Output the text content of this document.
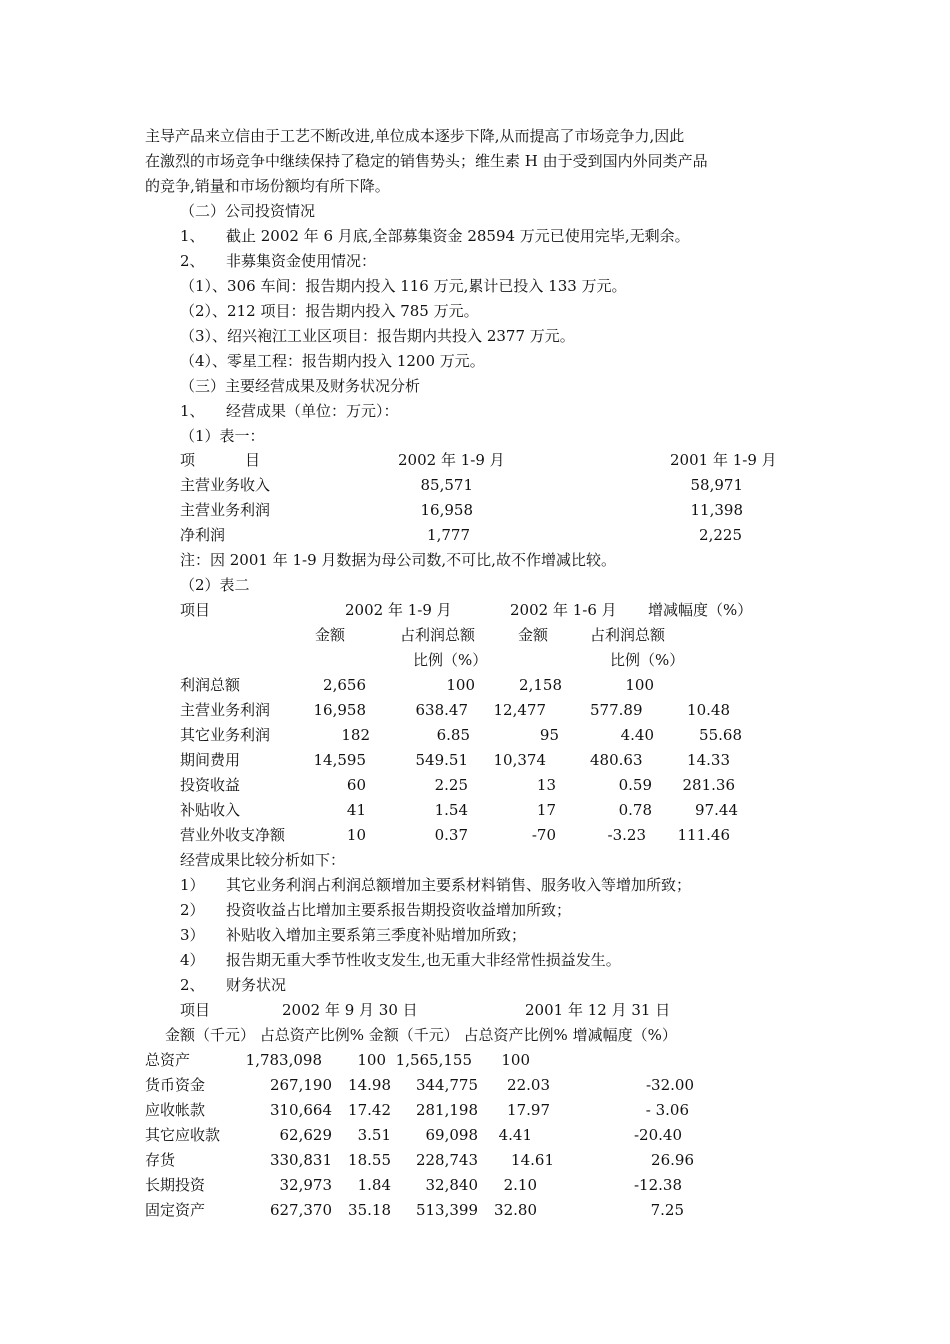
主导产品来立信由于工艺不断改进,单位成本逐步下降,从而提高了市场竞争力,因此
在激烈的市场竞争中继续保持了稳定的销售势头；维生素 H 由于受到国内外同类产品
的竞争,销量和市场份额均有所下降。
（二）公司投资情况
1、 截止 2002 年 6 月底,全部募集资金 28594 万元已使用完毕,无剩余。
2、 非募集资金使用情况：
（1）、306 车间：报告期内投入 116 万元,累计已投入 133 万元。
（2）、212 项目：报告期内投入 785 万元。
（3）、绍兴袍江工业区项目：报告期内共投入 2377 万元。
（4）、零星工程：报告期内投入 1200 万元。
（三）主要经营成果及财务状况分析
1、 经营成果（单位：万元）：
（1）表一：
项	目	2002 年 1-9 月	2001 年 1-9 月
主营业务收入	85,571	58,971
主营业务利润	16,958	11,398
净利润	1,777	2,225
注：因 2001 年 1-9 月数据为母公司数,不可比,故不作增减比较。
（2）表二
项目	2002 年 1-9 月	2002 年 1-6 月 增减幅度（%）
金额	占利润总额	金额	占利润总额
比例（%）	比例（%）
利润总额	2,656	100	2,158	100
主营业务利润	16,958	638.47 12,477	577.89	10.48
其它业务利润	182	6.85	95	4.40	55.68
期间费用	14,595	549.51 10,374	480.63	14.33
投资收益	60	2.25	13	0.59	281.36
补贴收入	41	1.54	17	0.78	97.44
营业外收支净额	10	0.37	-70	-3.23	111.46
经营成果比较分析如下：
1） 其它业务利润占利润总额增加主要系材料销售、服务收入等增加所致；
2） 投资收益占比增加主要系报告期投资收益增加所致；
3） 补贴收入增加主要系第三季度补贴增加所致；
4） 报告期无重大季节性收支发生,也无重大非经常性损益发生。
2、 财务状况
项目	2002 年 9 月 30 日	2001 年 12 月 31 日
金额（千元） 占总资产比例% 金额（千元） 占总资产比例% 增减幅度（%）
总资产	1,783,098	100 1,565,155	100
货币资金	267,190	14.98	344,775	22.03	-32.00
应收帐款	310,664	17.42	281,198	17.97	- 3.06
其它应收款	62,629	3.51	69,098	4.41	-20.40
存货	330,831	18.55	228,743	14.61	26.96
长期投资	32,973	1.84	32,840	2.10	-12.38
固定资产	627,370	35.18	513,399	32.80	7.25
